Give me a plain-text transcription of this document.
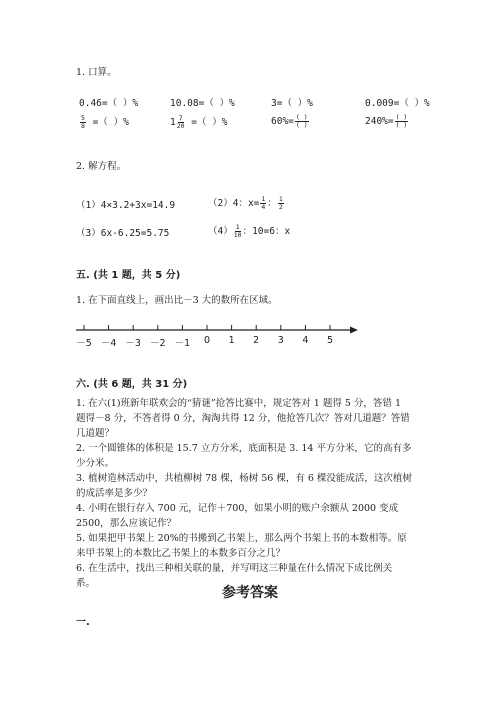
1. 口算。
0.46=（ ）%	10.08=（ ）%	3=（ ）%	0.009=（ ）%
$\frac{5}{8}$ =（ ）%	$1 \frac{7}{20}$ =（ ）%	$60\%= \frac{( )}{( )}$	$240\%= \frac{( )}{( )}$
2. 解方程。
（1）4×3.2+3x=14.9	（2）4：$x= \frac{1}{4}$ ： $\frac{1}{2}$
（3）6x-6.25=5.75	$(4) \frac{1}{10}$ ：10=6：x
五. (共 1 题，共 5 分)
1. 在下面直线上，画出比－3 大的数所在区域。
－5 －4 －3 －2 －1 0 1 2 3 4 5
六. (共 6 题，共 31 分)
1. 在六(1)班新年联欢会的“猜谜”抢答比赛中，规定答对 1 题得 5 分，答错 1
题得－8 分，不答者得 0 分，淘淘共得 12 分，他抢答几次？答对几道题？答错
几道题？
2. 一个圆锥体的体积是 15.7 立方分米，底面积是 3. 14 平方分米，它的高有多
少分米。
3. 植树造林活动中，共植柳树 78 棵，杨树 56 棵，有 6 棵没能成活，这次植树
的成活率是多少？
4. 小明在银行存入 700 元，记作＋700，如果小明的账户余额从 2000 变成
2500，那么应该记作？
5. 如果把甲书架上 20%的书搬到乙书架上，那么两个书架上书的本数相等。原
来甲书架上的本数比乙书架上的本数多百分之几？
6. 在生活中，找出三种相关联的量，并写明这三种量在什么情况下成比例关
系。
参考答案
一.
